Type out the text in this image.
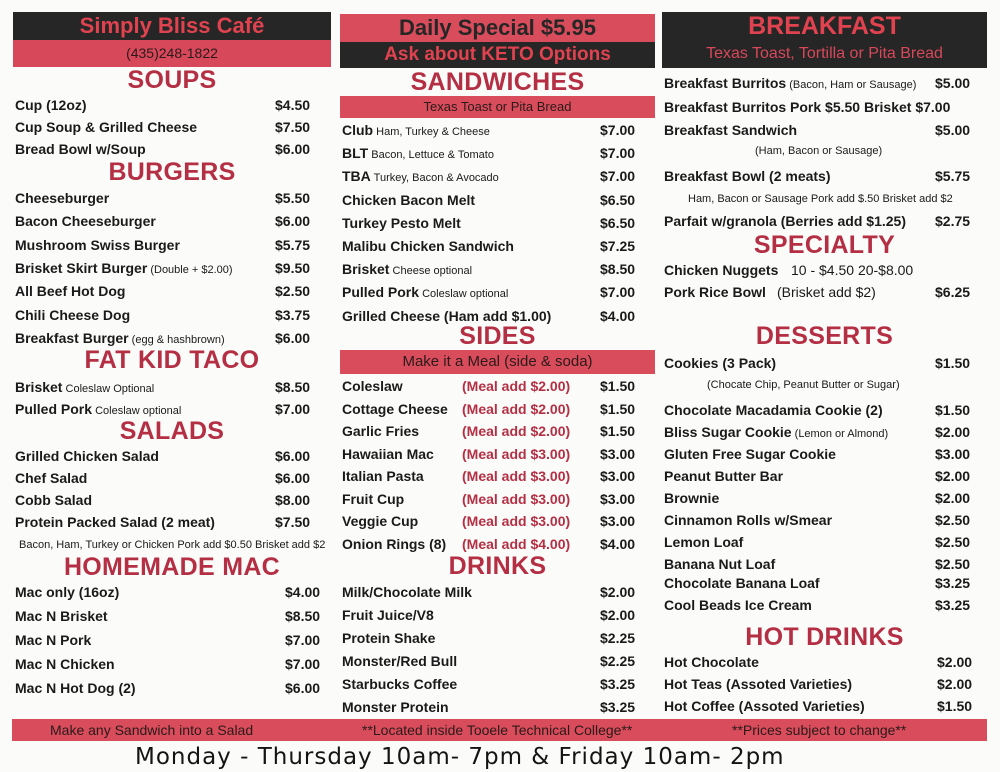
Simply Bliss Café
(435)248-1822
Daily Special $5.95
Ask about KETO Options
BREAKFAST
Texas Toast, Tortilla or Pita Bread
SOUPS
Cup (12oz)	$4.50
Cup Soup & Grilled Cheese	$7.50
Bread Bowl w/Soup	$6.00
Cheeseburger	$5.50
Bacon Cheeseburger	$6.00
Mushroom Swiss Burger	$5.75
Brisket Skirt Burger (Double + $2.00)	$9.50
All Beef Hot Dog	$2.50
Chili Cheese Dog	$3.75
Breakfast Burger (egg & hashbrown)	$6.00
Brisket Coleslaw Optional	$8.50
Pulled Pork Coleslaw optional	$7.00
Grilled Chicken Salad	$6.00
Chef Salad	$6.00
Cobb Salad	$8.00
Protein Packed Salad (2 meat)	$7.50
Bacon, Ham, Turkey or Chicken Pork add $0.50 Brisket add $2
Mac only (16oz)	$4.00
Mac N Brisket	$8.50
Mac N Pork	$7.00
Mac N Chicken	$7.00
Mac N Hot Dog (2)	$6.00
SANDWICHES
Texas Toast or Pita Bread
SIDES
Make it a Meal (side & soda)
DRINKS
Club Ham, Turkey & Cheese	$7.00
BLT Bacon, Lettuce & Tomato	$7.00
TBA Turkey, Bacon & Avocado	$7.00
Chicken Bacon Melt	$6.50
Turkey Pesto Melt	$6.50
Malibu Chicken Sandwich	$7.25
Brisket Cheese optional	$8.50
Pulled Pork Coleslaw optional	$7.00
Grilled Cheese (Ham add $1.00)	$4.00
Coleslaw	(Meal add $2.00) $1.50
Cottage Cheese (Meal add $2.00) $1.50
Garlic Fries	(Meal add $2.00) $1.50
Hawaiian Mac (Meal add $3.00) $3.00
Italian Pasta	(Meal add $3.00) $3.00
Fruit Cup	(Meal add $3.00) $3.00
Veggie Cup	(Meal add $3.00) $3.00
Onion Rings (8) (Meal add $4.00) $4.00
Milk/Chocolate Milk	$2.00
Fruit Juice/V8	$2.00
Protein Shake	$2.25
Monster/Red Bull	$2.25
Starbucks Coffee	$3.25
Monster Protein	$3.25
SPECIALTY
DESSERTS
HOT DRINKS
Breakfast Burritos (Bacon, Ham or Sausage) $5.00
Breakfast Burritos Pork $5.50 Brisket $7.00
Breakfast Sandwich	$5.00
(Ham, Bacon or Sausage)
Breakfast Bowl (2 meats)	$5.75
Ham, Bacon or Sausage Pork add $.50 Brisket add $2
Parfait w/granola (Berries add $1.25) $2.75
Chicken Nuggets 10 - $4.50 20-$8.00
Pork Rice Bowl (Brisket add $2)	$6.25
Cookies (3 Pack)	$1.50
(Chocate Chip, Peanut Butter or Sugar)
Chocolate Macadamia Cookie (2)	$1.50
Bliss Sugar Cookie (Lemon or Almond)	$2.00
Gluten Free Sugar Cookie	$3.00
Peanut Butter Bar	$2.00
Brownie	$2.00
Cinnamon Rolls w/Smear	$2.50
Lemon Loaf	$2.50
Banana Nut Loaf	$2.50
Chocolate Banana Loaf	$3.25
Cool Beads Ice Cream	$3.25
Hot Chocolate	$2.00
Hot Teas (Assoted Varieties)	$2.00
Hot Coffee (Assoted Varieties)	$1.50
Make any Sandwich into a Salad	**Located inside Tooele Technical College**	**Prices subject to change**
Monday - Thursday 10am- 7pm & Friday 10am- 2pm
BURGERS
FAT KID TACO
SALADS
HOMEMADE MAC
